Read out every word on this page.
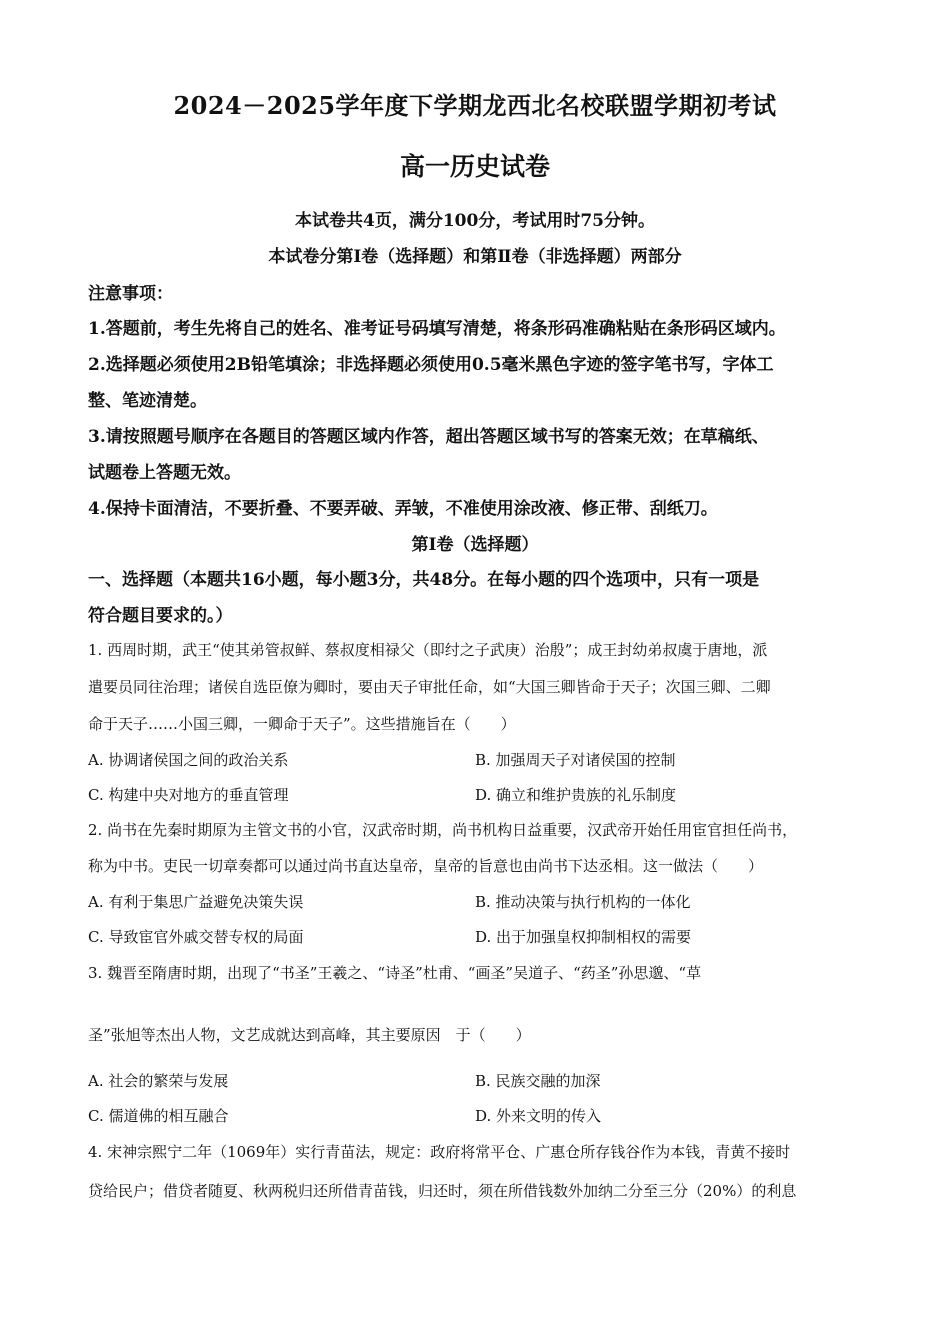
2024－2025学年度下学期龙西北名校联盟学期初考试
高一历史试卷
本试卷共4页，满分100分，考试用时75分钟。
本试卷分第Ⅰ卷（选择题）和第Ⅱ卷（非选择题）两部分
注意事项：
1.答题前，考生先将自己的姓名、准考证号码填写清楚，将条形码准确粘贴在条形码区域内。
2.选择题必须使用2B铅笔填涂；非选择题必须使用0.5毫米黑色字迹的签字笔书写，字体工
整、笔迹清楚。
3.请按照题号顺序在各题目的答题区域内作答，超出答题区域书写的答案无效；在草稿纸、
试题卷上答题无效。
4.保持卡面清洁，不要折叠、不要弄破、弄皱，不准使用涂改液、修正带、刮纸刀。
第Ⅰ卷（选择题）
一、选择题（本题共16小题，每小题3分，共48分。在每小题的四个选项中，只有一项是
符合题目要求的。）
1. 西周时期，武王“使其弟管叔鲜、蔡叔度相禄父（即纣之子武庚）治殷”；成王封幼弟叔虞于唐地，派
遣要员同往治理；诸侯自选臣僚为卿时，要由天子审批任命，如“大国三卿皆命于天子；次国三卿、二卿
命于天子……小国三卿，一卿命于天子”。这些措施旨在（　　）
A. 协调诸侯国之间的政治关系	B. 加强周天子对诸侯国的控制
C. 构建中央对地方的垂直管理	D. 确立和维护贵族的礼乐制度
2. 尚书在先秦时期原为主管文书的小官，汉武帝时期，尚书机构日益重要，汉武帝开始任用宦官担任尚书，
称为中书。吏民一切章奏都可以通过尚书直达皇帝，皇帝的旨意也由尚书下达丞相。这一做法（　　）
A. 有利于集思广益避免决策失误	B. 推动决策与执行机构的一体化
C. 导致宦官外戚交替专权的局面	D. 出于加强皇权抑制相权的需要
3. 魏晋至隋唐时期，出现了“书圣”王羲之、“诗圣”杜甫、“画圣”吴道子、“药圣”孙思邈、“草
圣”张旭等杰出人物，文艺成就达到高峰，其主要原因　于（　　）
A. 社会的繁荣与发展	B. 民族交融的加深
C. 儒道佛的相互融合	D. 外来文明的传入
4. 宋神宗熙宁二年（1069年）实行青苗法，规定：政府将常平仓、广惠仓所存钱谷作为本钱，青黄不接时
贷给民户；借贷者随夏、秋两税归还所借青苗钱，归还时，须在所借钱数外加纳二分至三分（20%）的利息
